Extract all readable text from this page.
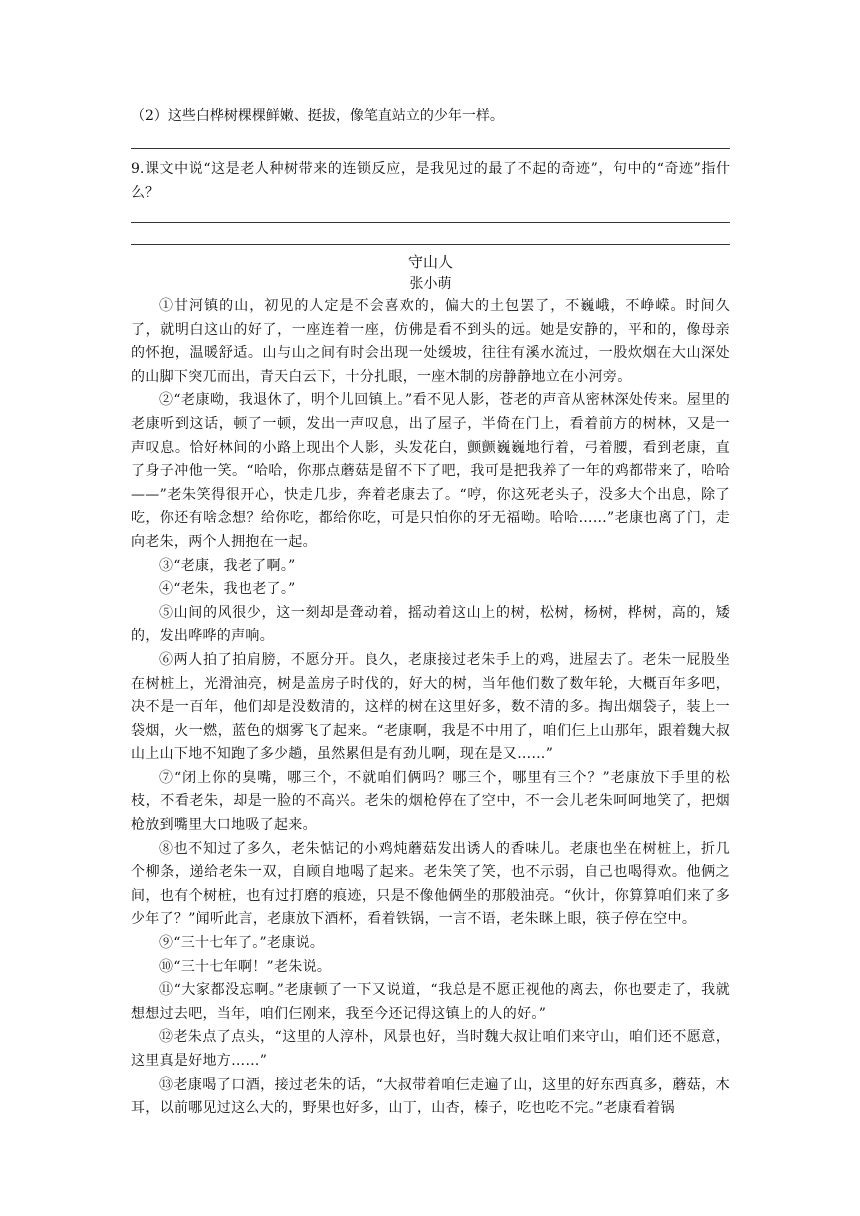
（2）这些白桦树棵棵鲜嫩、挺拔，像笔直站立的少年一样。

9.课文中说“这是老人种树带来的连锁反应，是我见过的最了不起的奇迹”，句中的“奇迹”指什么？

守山人

张小萌

①甘河镇的山，初见的人定是不会喜欢的，偏大的土包罢了，不巍峨，不峥嵘。时间久了，就明白这山的好了，一座连着一座，仿佛是看不到头的远。她是安静的，平和的，像母亲的怀抱，温暖舒适。山与山之间有时会出现一处缓坡，往往有溪水流过，一股炊烟在大山深处的山脚下突兀而出，青天白云下，十分扎眼，一座木制的房静静地立在小河旁。

②“老康呦，我退休了，明个儿回镇上。”看不见人影，苍老的声音从密林深处传来。屋里的老康听到这话，顿了一顿，发出一声叹息，出了屋子，半倚在门上，看着前方的树林，又是一声叹息。恰好林间的小路上现出个人影，头发花白，颤颤巍巍地行着，弓着腰，看到老康，直了身子冲他一笑。“哈哈，你那点蘑菇是留不下了吧，我可是把我养了一年的鸡都带来了，哈哈——”老朱笑得很开心，快走几步，奔着老康去了。“哼，你这死老头子，没多大个出息，除了吃，你还有啥念想？给你吃，都给你吃，可是只怕你的牙无福呦。哈哈……”老康也离了门，走向老朱，两个人拥抱在一起。

③“老康，我老了啊。”

④“老朱，我也老了。”

⑤山间的风很少，这一刻却是聋动着，摇动着这山上的树，松树，杨树，桦树，高的，矮的，发出哗哗的声响。

⑥两人拍了拍肩膀，不愿分开。良久，老康接过老朱手上的鸡，进屋去了。老朱一屁股坐在树桩上，光滑油亮，树是盖房子时伐的，好大的树，当年他们数了数年轮，大概百年多吧，决不是一百年，他们却是没数清的，这样的树在这里好多，数不清的多。掏出烟袋子，装上一袋烟，火一燃，蓝色的烟雾飞了起来。“老康啊，我是不中用了，咱们仨上山那年，跟着魏大叔山上山下地不知跑了多少趟，虽然累但是有劲儿啊，现在是又……”

⑦“闭上你的臭嘴，哪三个，不就咱们俩吗？哪三个，哪里有三个？”老康放下手里的松枝，不看老朱，却是一脸的不高兴。老朱的烟枪停在了空中，不一会儿老朱呵呵地笑了，把烟枪放到嘴里大口地吸了起来。

⑧也不知过了多久，老朱惦记的小鸡炖蘑菇发出诱人的香味儿。老康也坐在树桩上，折几个柳条，递给老朱一双，自顾自地喝了起来。老朱笑了笑，也不示弱，自己也喝得欢。他俩之间，也有个树桩，也有过打磨的痕迹，只是不像他俩坐的那般油亮。“伙计，你算算咱们来了多少年了？”闻听此言，老康放下酒杯，看着铁锅，一言不语，老朱眯上眼，筷子停在空中。

⑨“三十七年了。”老康说。

⑩“三十七年啊！”老朱说。

⑪“大家都没忘啊。”老康顿了一下又说道，“我总是不愿正视他的离去，你也要走了，我就想想过去吧，当年，咱们仨刚来，我至今还记得这镇上的人的好。”

⑫老朱点了点头，“这里的人淳朴，风景也好，当时魏大叔让咱们来守山，咱们还不愿意，这里真是好地方……”

⑬老康喝了口酒，接过老朱的话，“大叔带着咱仨走遍了山，这里的好东西真多，蘑菇，木耳，以前哪见过这么大的，野果也好多，山丁，山杏，榛子，吃也吃不完。”老康看着锅
